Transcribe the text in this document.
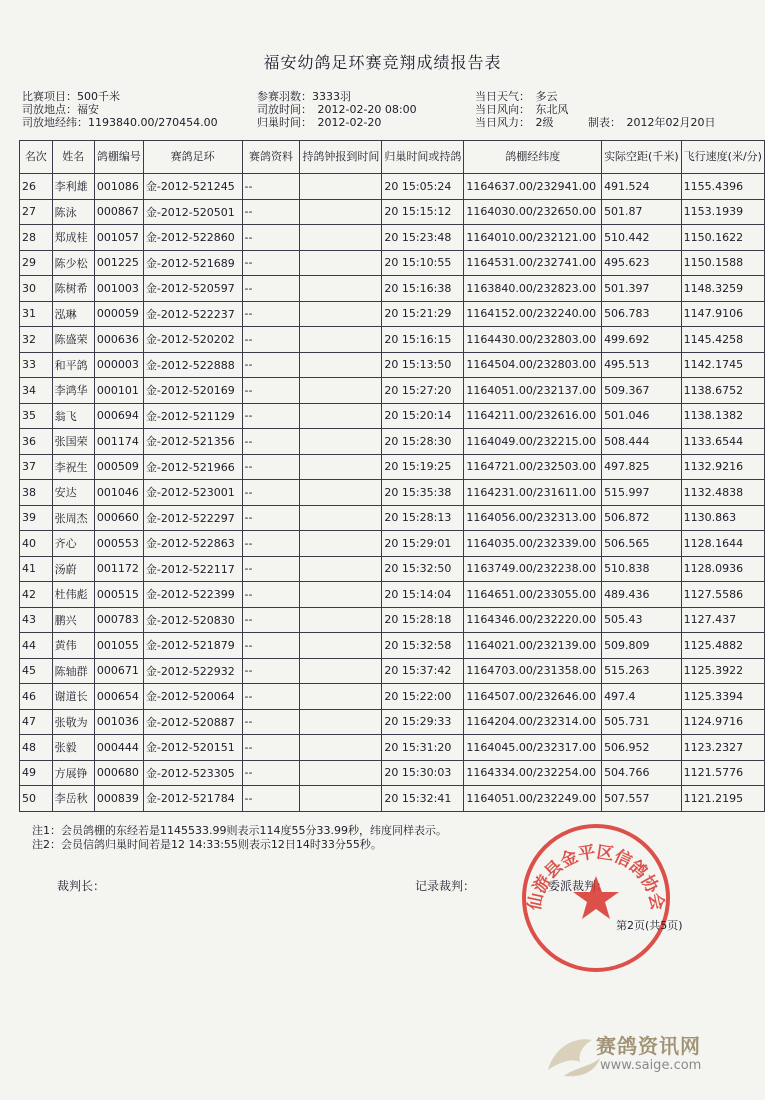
福安幼鸽足环赛竞翔成绩报告表
比赛项目：500千米
司放地点：福安
司放地经纬：1193840.00/270454.00
参赛羽数：3333羽
司放时间：　2012-02-20 08:00
归巢时间：　2012-02-20
当日天气：　多云
当日风向：　东北风
当日风力：　2级	制表：　2012年02月20日
名次	姓名	鸽棚编号	赛鸽足环	赛鸽资料	持鸽钟报到时间	归巢时间或持鸽	鸽棚经纬度	实际空距(千米)	飞行速度(米/分)
26	李利雄	001086	金-2012-521245	--		20 15:05:24	1164637.00/232941.00	491.524	1155.4396
27	陈泳	000867	金-2012-520501	--		20 15:15:12	1164030.00/232650.00	501.87	1153.1939
28	郑成桂	001057	金-2012-522860	--		20 15:23:48	1164010.00/232121.00	510.442	1150.1622
29	陈少松	001225	金-2012-521689	--		20 15:10:55	1164531.00/232741.00	495.623	1150.1588
30	陈树希	001003	金-2012-520597	--		20 15:16:38	1163840.00/232823.00	501.397	1148.3259
31	泓琳	000059	金-2012-522237	--		20 15:21:29	1164152.00/232240.00	506.783	1147.9106
32	陈盛荣	000636	金-2012-520202	--		20 15:16:15	1164430.00/232803.00	499.692	1145.4258
33	和平鸽	000003	金-2012-522888	--		20 15:13:50	1164504.00/232803.00	495.513	1142.1745
34	李鸿华	000101	金-2012-520169	--		20 15:27:20	1164051.00/232137.00	509.367	1138.6752
35	翁飞	000694	金-2012-521129	--		20 15:20:14	1164211.00/232616.00	501.046	1138.1382
36	张国荣	001174	金-2012-521356	--		20 15:28:30	1164049.00/232215.00	508.444	1133.6544
37	李祝生	000509	金-2012-521966	--		20 15:19:25	1164721.00/232503.00	497.825	1132.9216
38	安达	001046	金-2012-523001	--		20 15:35:38	1164231.00/231611.00	515.997	1132.4838
39	张周杰	000660	金-2012-522297	--		20 15:28:13	1164056.00/232313.00	506.872	1130.863
40	齐心	000553	金-2012-522863	--		20 15:29:01	1164035.00/232339.00	506.565	1128.1644
41	汤蔚	001172	金-2012-522117	--		20 15:32:50	1163749.00/232238.00	510.838	1128.0936
42	杜伟彪	000515	金-2012-522399	--		20 15:14:04	1164651.00/233055.00	489.436	1127.5586
43	鹏兴	000783	金-2012-520830	--		20 15:28:18	1164346.00/232220.00	505.43	1127.437
44	黄伟	001055	金-2012-521879	--		20 15:32:58	1164021.00/232139.00	509.809	1125.4882
45	陈轴群	000671	金-2012-522932	--		20 15:37:42	1164703.00/231358.00	515.263	1125.3922
46	谢道长	000654	金-2012-520064	--		20 15:22:00	1164507.00/232646.00	497.4	1125.3394
47	张敬为	001036	金-2012-520887	--		20 15:29:33	1164204.00/232314.00	505.731	1124.9716
48	张毅	000444	金-2012-520151	--		20 15:31:20	1164045.00/232317.00	506.952	1123.2327
49	方展铮	000680	金-2012-523305	--		20 15:30:03	1164334.00/232254.00	504.766	1121.5776
50	李岳秋	000839	金-2012-521784	--		20 15:32:41	1164051.00/232249.00	507.557	1121.2195
注1：会员鸽棚的东经若是1145533.99则表示114度55分33.99秒，纬度同样表示。
注2：会员信鸽归巢时间若是12 14:33:55则表示12日14时33分55秒。
裁判长：	记录裁判：	委派裁判：
仙游县金平区信鸽协会
第2页(共5页)
赛鸽资讯网
www.saige.com
